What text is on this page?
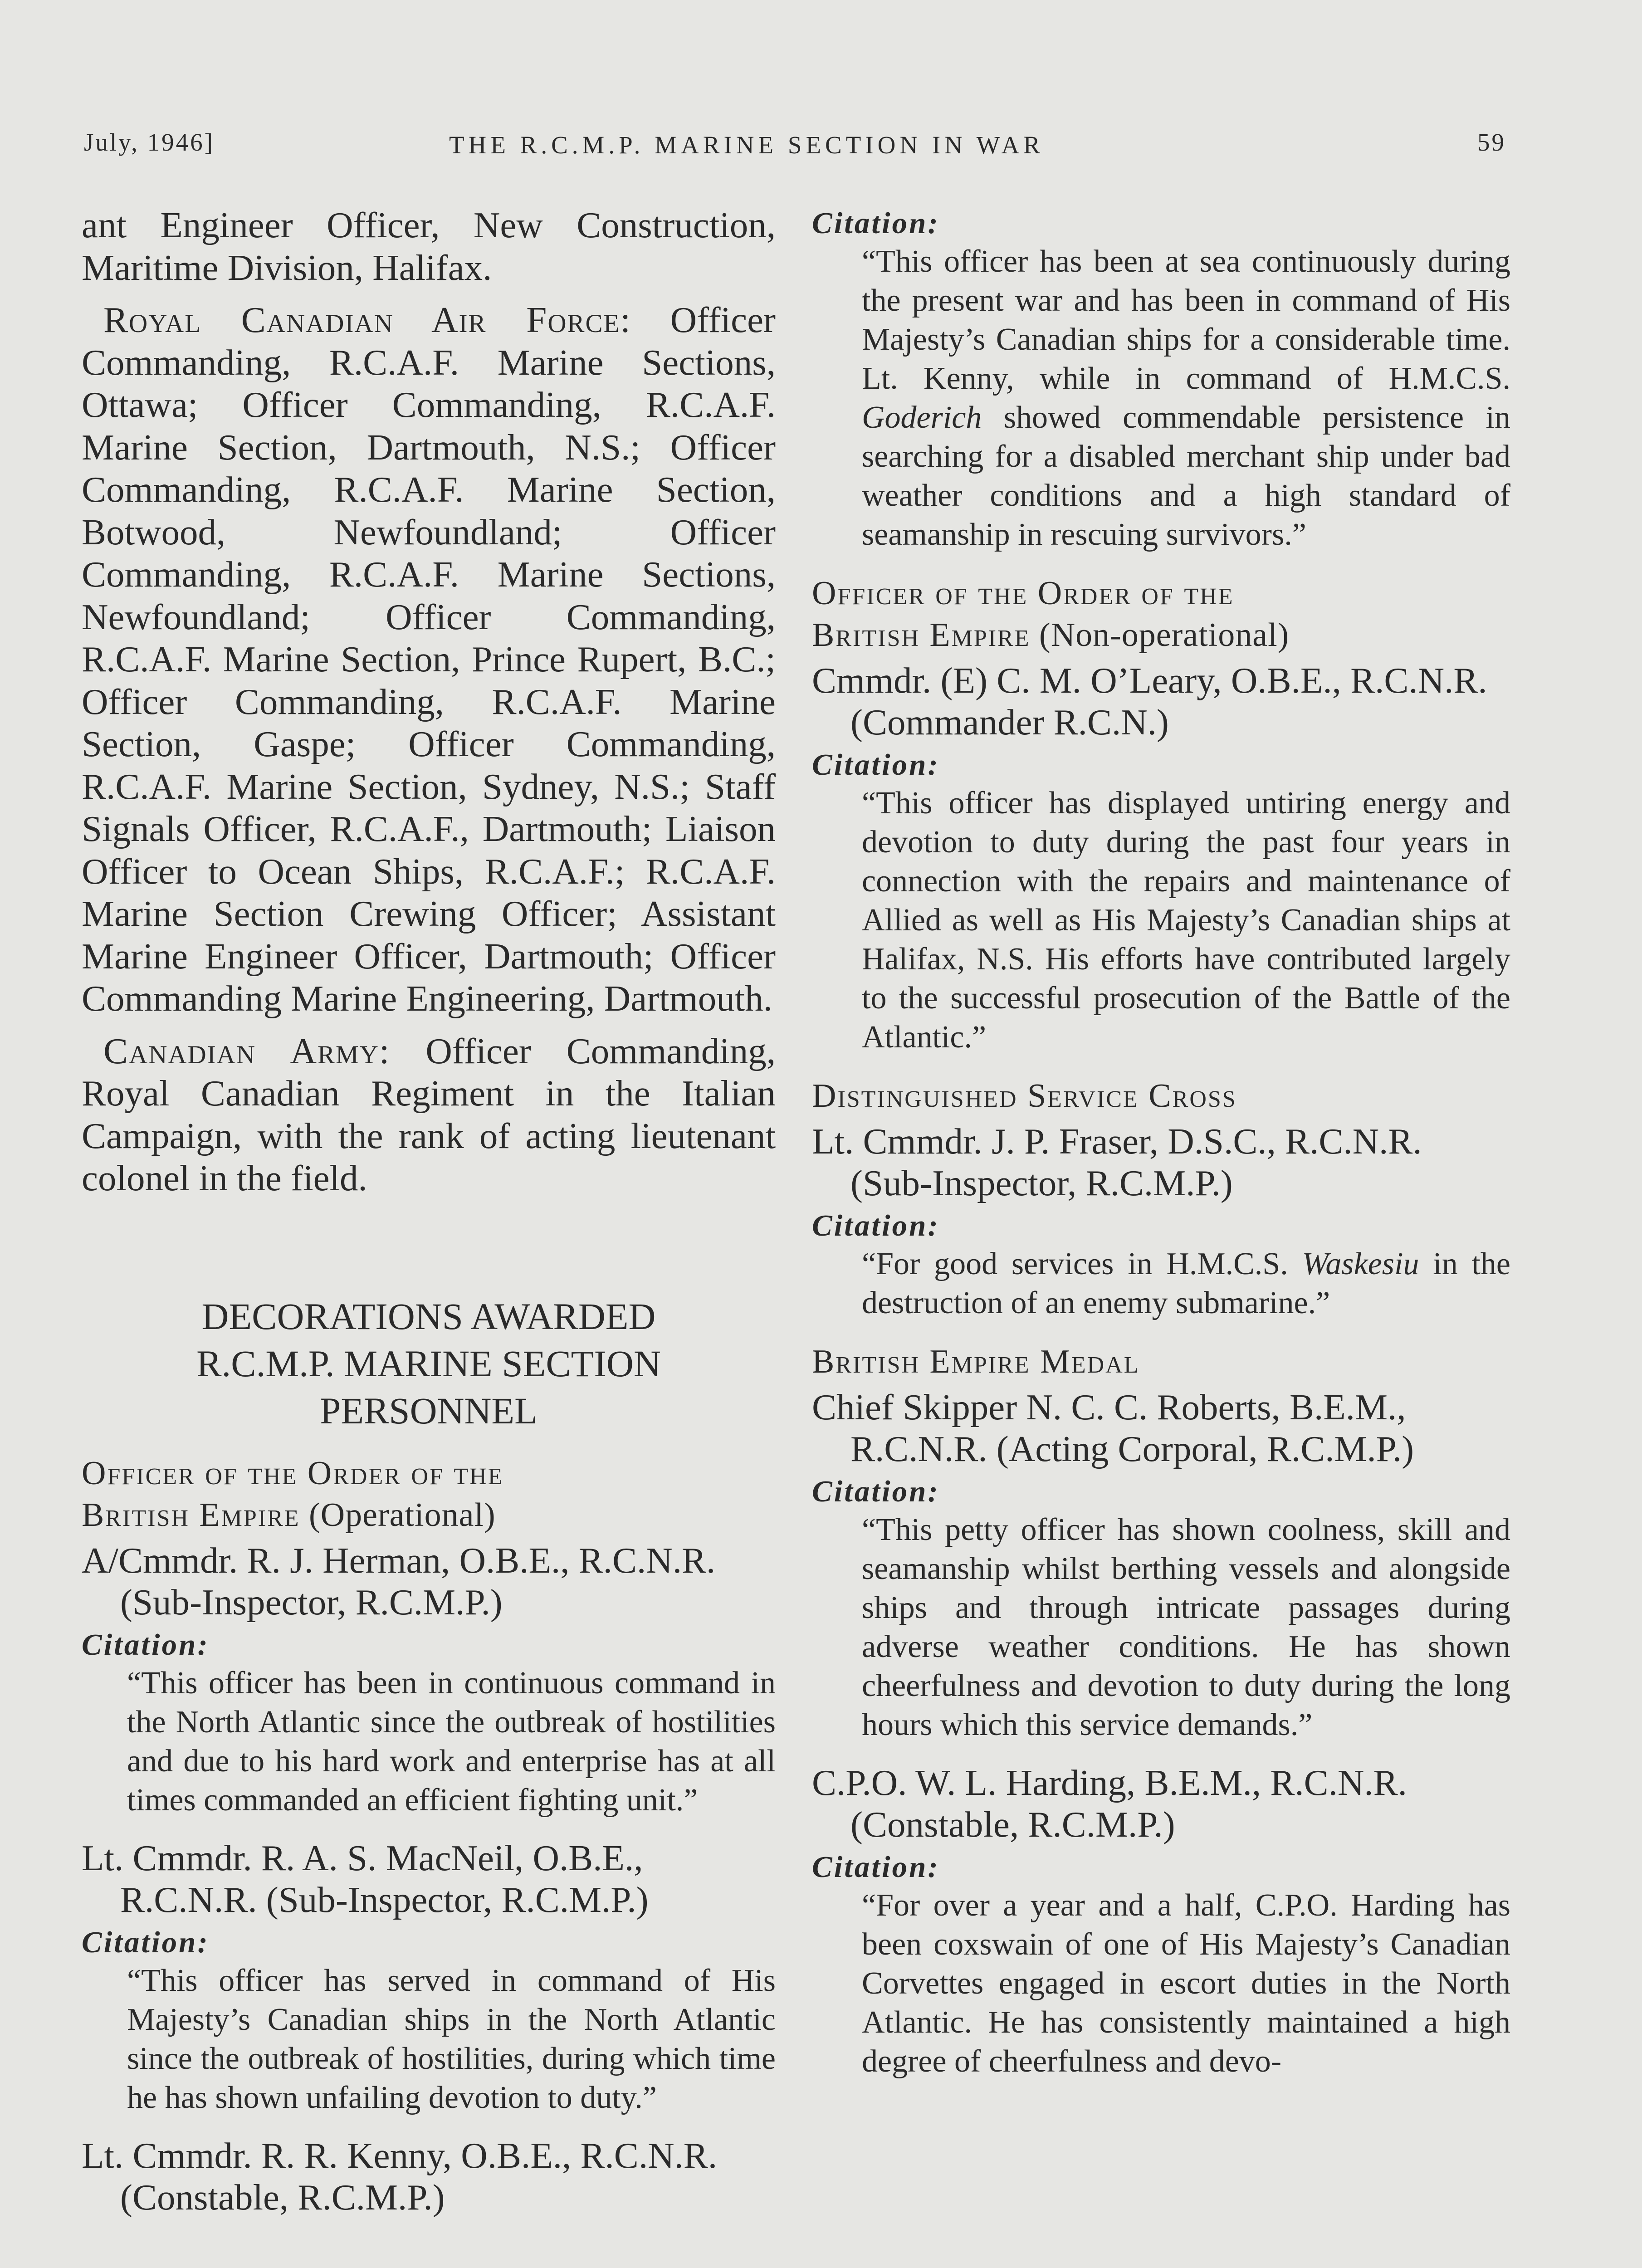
July, 1946]	THE R.C.M.P. MARINE SECTION IN WAR	59

ant Engineer Officer, New Construction, Maritime Division, Halifax.

Royal Canadian Air Force: Officer Commanding, R.C.A.F. Marine Sections, Ottawa; Officer Commanding, R.C.A.F. Marine Section, Dartmouth, N.S.; Officer Commanding, R.C.A.F. Marine Section, Botwood, Newfoundland; Officer Commanding, R.C.A.F. Marine Sections, Newfoundland; Officer Commanding, R.C.A.F. Marine Section, Prince Rupert, B.C.; Officer Commanding, R.C.A.F. Marine Section, Gaspe; Officer Commanding, R.C.A.F. Marine Section, Sydney, N.S.; Staff Signals Officer, R.C.A.F., Dartmouth; Liaison Officer to Ocean Ships, R.C.A.F.; R.C.A.F. Marine Section Crewing Officer; Assistant Marine Engineer Officer, Dartmouth; Officer Commanding Marine Engineering, Dartmouth.

Canadian Army: Officer Commanding, Royal Canadian Regiment in the Italian Campaign, with the rank of acting lieutenant colonel in the field.

DECORATIONS AWARDED
R.C.M.P. MARINE SECTION
PERSONNEL
Officer of the Order of the
British Empire (Operational)

A/Cmmdr. R. J. Herman, O.B.E., R.C.N.R. (Sub-Inspector, R.C.M.P.)

Citation:

“This officer has been in continuous command in the North Atlantic since the outbreak of hostilities and due to his hard work and enterprise has at all times commanded an efficient fighting unit.”

Lt. Cmmdr. R. A. S. MacNeil, O.B.E., R.C.N.R. (Sub-Inspector, R.C.M.P.)

Citation:

“This officer has served in command of His Majesty’s Canadian ships in the North Atlantic since the outbreak of hostilities, during which time he has shown unfailing devotion to duty.”

Lt. Cmmdr. R. R. Kenny, O.B.E., R.C.N.R. (Constable, R.C.M.P.)

Citation:

“This officer has been at sea continuously during the present war and has been in command of His Majesty’s Canadian ships for a considerable time. Lt. Kenny, while in command of H.M.C.S. Goderich showed commendable persistence in searching for a disabled merchant ship under bad weather conditions and a high standard of seamanship in rescuing survivors.”

Officer of the Order of the
British Empire (Non-operational)

Cmmdr. (E) C. M. O’Leary, O.B.E., R.C.N.R. (Commander R.C.N.)

Citation:

“This officer has displayed untiring energy and devotion to duty during the past four years in connection with the repairs and maintenance of Allied as well as His Majesty’s Canadian ships at Halifax, N.S. His efforts have contributed largely to the successful prosecution of the Battle of the Atlantic.”

Distinguished Service Cross

Lt. Cmmdr. J. P. Fraser, D.S.C., R.C.N.R. (Sub-Inspector, R.C.M.P.)

Citation:

“For good services in H.M.C.S. Waskesiu in the destruction of an enemy submarine.”

British Empire Medal

Chief Skipper N. C. C. Roberts, B.E.M., R.C.N.R. (Acting Corporal, R.C.M.P.)

Citation:

“This petty officer has shown coolness, skill and seamanship whilst berthing vessels and alongside ships and through intricate passages during adverse weather conditions. He has shown cheerfulness and devotion to duty during the long hours which this service demands.”

C.P.O. W. L. Harding, B.E.M., R.C.N.R. (Constable, R.C.M.P.)

Citation:

“For over a year and a half, C.P.O. Harding has been coxswain of one of His Majesty’s Canadian Corvettes engaged in escort duties in the North Atlantic. He has consistently maintained a high degree of cheerfulness and devo-
